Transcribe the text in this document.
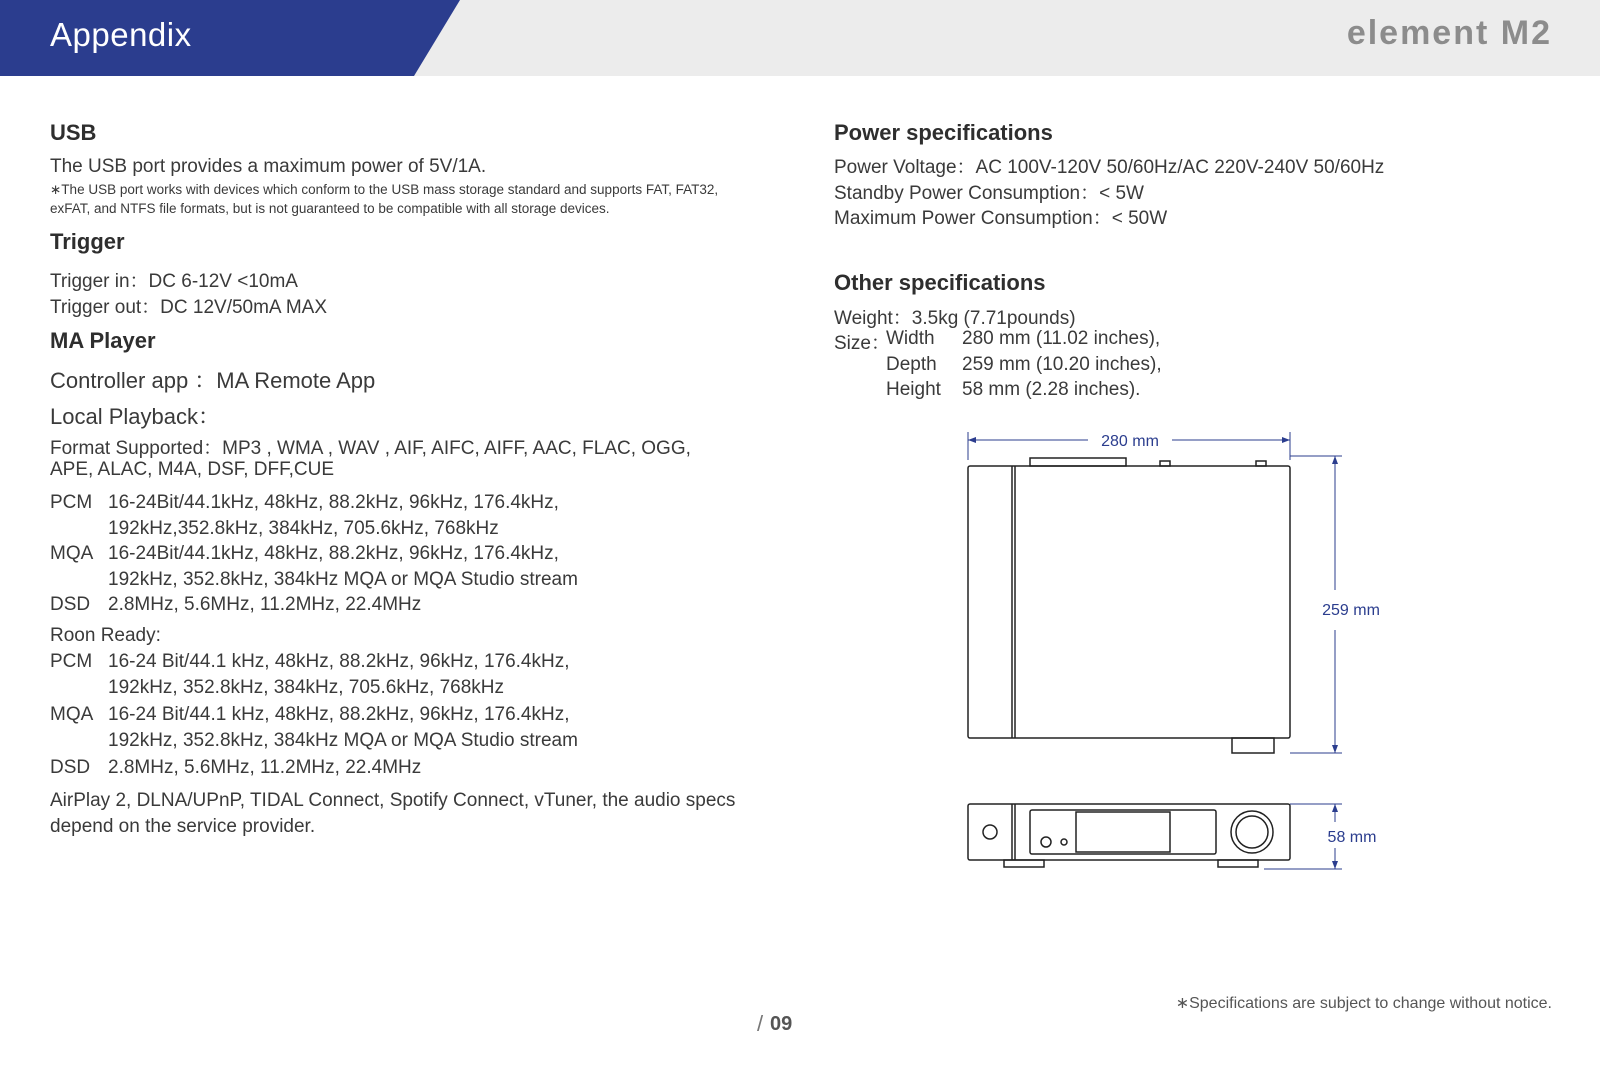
Appendix	element M2
USB
The USB port provides a maximum power of 5V/1A.
∗The USB port works with devices which conform to the USB mass storage standard and supports FAT, FAT32,
exFAT, and NTFS file formats, but is not guaranteed to be compatible with all storage devices.
Trigger
Trigger in：DC 6-12V <10mA
Trigger out：DC 12V/50mA MAX
MA Player
Controller app ：MA Remote App
Local Playback：
Format Supported：MP3 , WMA , WAV , AIF, AIFC, AIFF, AAC, FLAC, OGG,
APE, ALAC, M4A, DSF, DFF,CUE
PCM 16-24Bit/44.1kHz, 48kHz, 88.2kHz, 96kHz, 176.4kHz,
192kHz,352.8kHz, 384kHz, 705.6kHz, 768kHz
MQA 16-24Bit/44.1kHz, 48kHz, 88.2kHz, 96kHz, 176.4kHz,
192kHz, 352.8kHz, 384kHz MQA or MQA Studio stream
DSD 2.8MHz, 5.6MHz, 11.2MHz, 22.4MHz
Roon Ready:
PCM 16-24 Bit/44.1 kHz, 48kHz, 88.2kHz, 96kHz, 176.4kHz,
192kHz, 352.8kHz, 384kHz, 705.6kHz, 768kHz
MQA 16-24 Bit/44.1 kHz, 48kHz, 88.2kHz, 96kHz, 176.4kHz,
192kHz, 352.8kHz, 384kHz MQA or MQA Studio stream
DSD 2.8MHz, 5.6MHz, 11.2MHz, 22.4MHz
AirPlay 2, DLNA/UPnP, TIDAL Connect, Spotify Connect, vTuner, the audio specs
depend on the service provider.
Power specifications
Power Voltage：AC 100V-120V 50/60Hz/AC 220V-240V 50/60Hz
Standby Power Consumption：< 5W
Maximum Power Consumption：< 50W
Other specifications
Weight：3.5kg (7.71pounds)
Size：
Width 280 mm (11.02 inches),
Depth 259 mm (10.20 inches),
Height 58 mm (2.28 inches).
280 mm
259 mm
58 mm
∗Specifications are subject to change without notice.
/ 09
